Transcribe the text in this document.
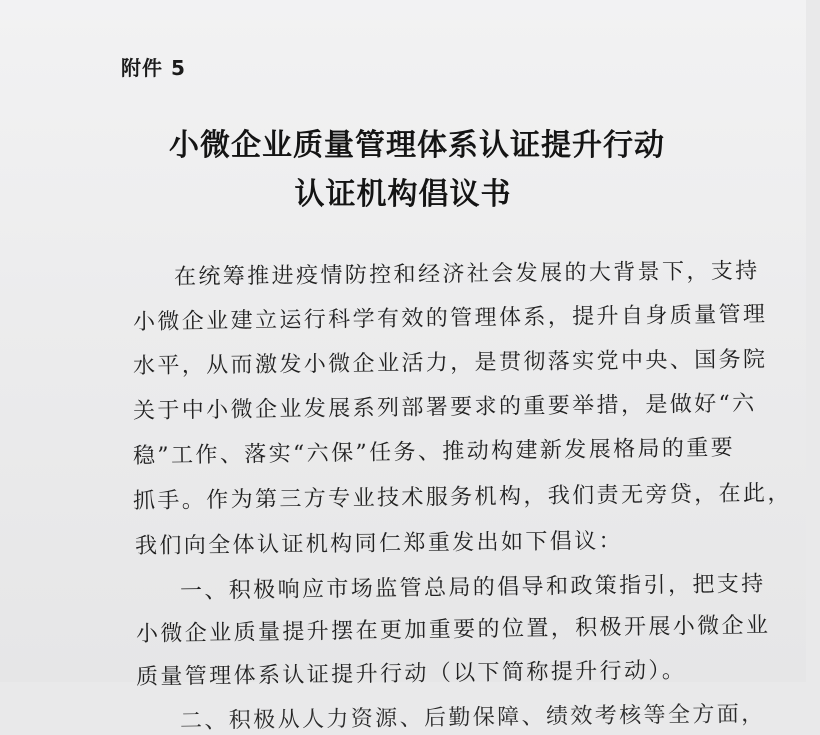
附件 5
小微企业质量管理体系认证提升行动
认证机构倡议书
在统筹推进疫情防控和经济社会发展的大背景下，支持
小微企业建立运行科学有效的管理体系，提升自身质量管理
水平，从而激发小微企业活力，是贯彻落实党中央、国务院
关于中小微企业发展系列部署要求的重要举措，是做好“六
稳”工作、落实“六保”任务、推动构建新发展格局的重要
抓手。作为第三方专业技术服务机构，我们责无旁贷，在此，
我们向全体认证机构同仁郑重发出如下倡议：
一、积极响应市场监管总局的倡导和政策指引，把支持
小微企业质量提升摆在更加重要的位置，积极开展小微企业
质量管理体系认证提升行动（以下简称提升行动）。
二、积极从人力资源、后勤保障、绩效考核等全方面，
